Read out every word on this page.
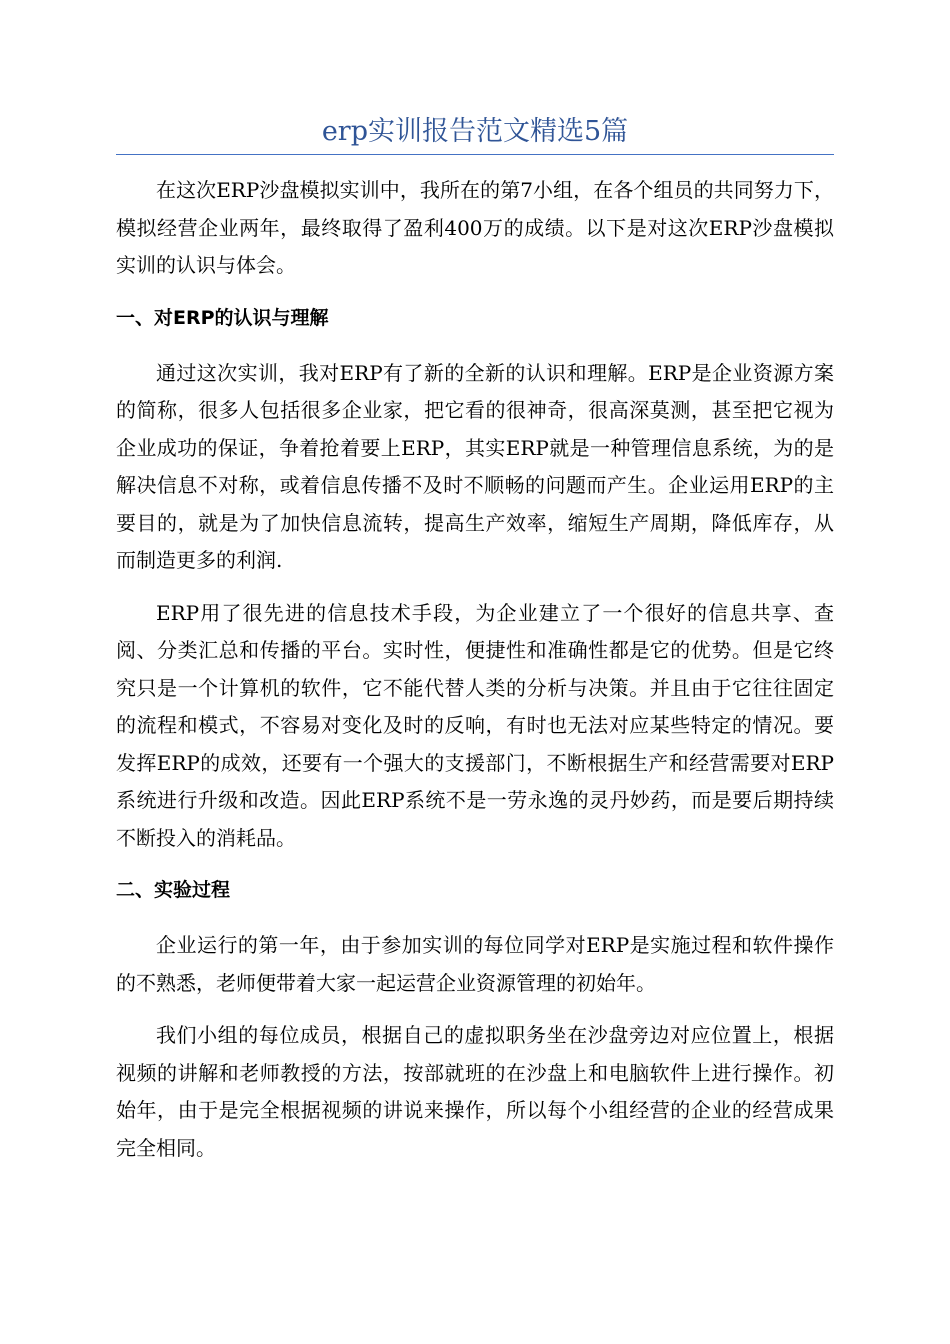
erp实训报告范文精选5篇

在这次ERP沙盘模拟实训中，我所在的第7小组，在各个组员的共同努力下，模拟经营企业两年，最终取得了盈利400万的成绩。以下是对这次ERP沙盘模拟实训的认识与体会。

一、对ERP的认识与理解

通过这次实训，我对ERP有了新的全新的认识和理解。ERP是企业资源方案的简称，很多人包括很多企业家，把它看的很神奇，很高深莫测，甚至把它视为企业成功的保证，争着抢着要上ERP，其实ERP就是一种管理信息系统，为的是解决信息不对称，或着信息传播不及时不顺畅的问题而产生。企业运用ERP的主要目的，就是为了加快信息流转，提高生产效率，缩短生产周期，降低库存，从而制造更多的利润.

ERP用了很先进的信息技术手段，为企业建立了一个很好的信息共享、查阅、分类汇总和传播的平台。实时性，便捷性和准确性都是它的优势。但是它终究只是一个计算机的软件，它不能代替人类的分析与决策。并且由于它往往固定的流程和模式，不容易对变化及时的反响，有时也无法对应某些特定的情况。要发挥ERP的成效，还要有一个强大的支援部门，不断根据生产和经营需要对ERP系统进行升级和改造。因此ERP系统不是一劳永逸的灵丹妙药，而是要后期持续不断投入的消耗品。

二、实验过程

企业运行的第一年，由于参加实训的每位同学对ERP是实施过程和软件操作的不熟悉，老师便带着大家一起运营企业资源管理的初始年。

我们小组的每位成员，根据自己的虚拟职务坐在沙盘旁边对应位置上，根据视频的讲解和老师教授的方法，按部就班的在沙盘上和电脑软件上进行操作。初始年，由于是完全根据视频的讲说来操作，所以每个小组经营的企业的经营成果完全相同。
